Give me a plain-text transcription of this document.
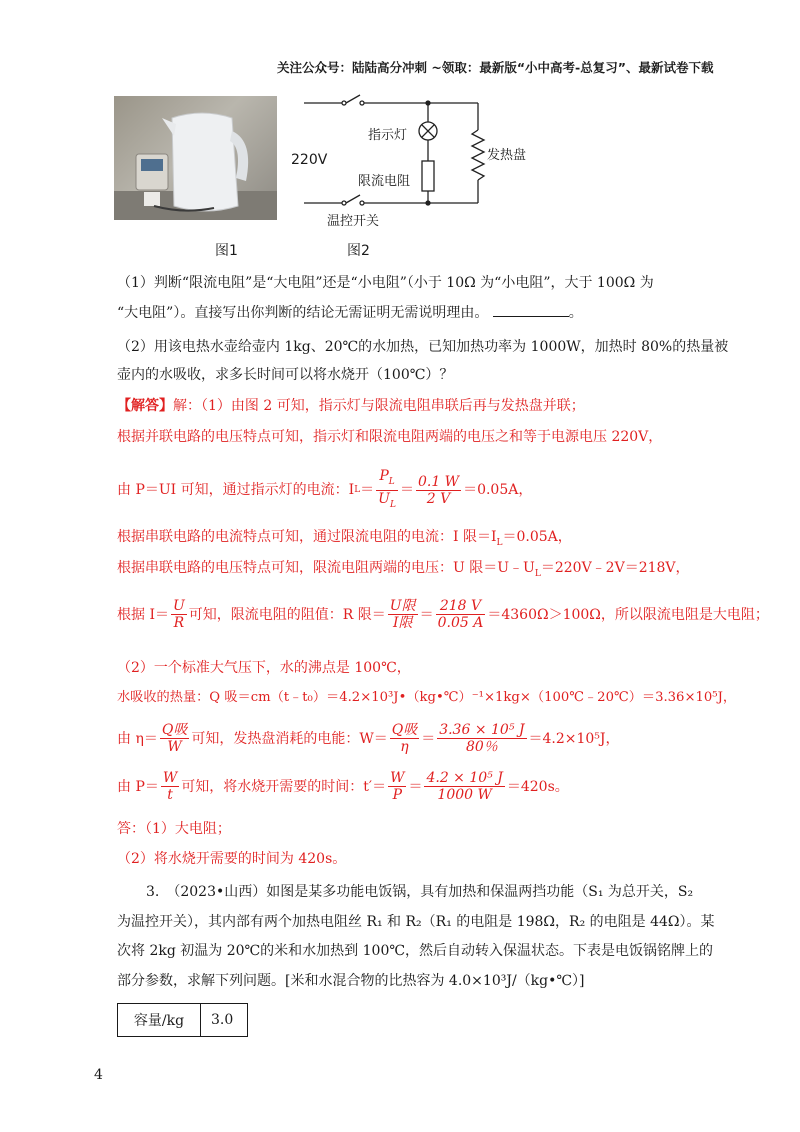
关注公众号：陆陆高分冲刺 ~领取：最新版“小中高考-总复习”、最新试卷下载
220V
指示灯
限流电阻
发热盘
温控开关
图1	图2
（1）判断“限流电阻”是“大电阻”还是“小电阻”（小于 10Ω 为“小电阻”，大于 100Ω 为
“大电阻”）。直接写出你判断的结论无需证明无需说明理由。	。
（2）用该电热水壶给壶内 1kg、20℃的水加热，已知加热功率为 1000W，加热时 80%的热量被
壶内的水吸收，求多长时间可以将水烧开（100℃）？
【解答】解：（1）由图 2 可知，指示灯与限流电阻串联后再与发热盘并联；
根据并联电路的电压特点可知，指示灯和限流电阻两端的电压之和等于电源电压 220V，
由 P＝UI 可知，通过指示灯的电流：I $L = \frac{P_L}{U_L} = \frac{0.1 W}{2 V} =0.05A$，
根据串联电路的电流特点可知，通过限流电阻的电流：I 限$=I_L=0.05A$，
根据串联电路的电压特点可知，限流电阻两端的电压：U 限$=U﹣U_L=220V﹣2V=218V$，
根据 $I= \frac{U}{R}$ 可知，限流电阻的阻值：R 限＝ $\frac{\text{U限}}{\text{I限}} = \frac{218 V}{0.05 A} =4360\Omega>100\Omega$，所以限流电阻是大电阻；
（2）一个标准大气压下，水的沸点是 100℃，
水吸收的热量：Q 吸＝cm（t﹣t₀）＝4.2×10³J•（kg•℃）⁻¹×1kg×（100℃﹣20℃）＝3.36×10⁵J，
由 $\eta= \frac{\text{Q吸}}{W}$ 可知，发热盘消耗的电能：$W= \frac{\text{Q吸}}{\eta} = \frac{\text{3.36 × 10⁵ J}}{80\%} =4.2\times 10^5J$，
由 $P= \frac{W}{t}$ 可知，将水烧开需要的时间：$t'= \frac{W}{P} = \frac{\text{4.2 × 10⁵ J}}{1000 W} =420s$。
答：（1）大电阻；
（2）将水烧开需要的时间为 420s。
3.　（2023•山西）如图是某多功能电饭锅，具有加热和保温两挡功能（S₁ 为总开关，S₂
为温控开关），其内部有两个加热电阻丝 R₁ 和 R₂（R₁ 的电阻是 198Ω，R₂ 的电阻是 44Ω）。某
次将 2kg 初温为 20℃的米和水加热到 100℃，然后自动转入保温状态。下表是电饭锅铭牌上的
部分参数，求解下列问题。[米和水混合物的比热容为 4.0×10³J/（kg•℃）]
容量/kg	3.0
4
